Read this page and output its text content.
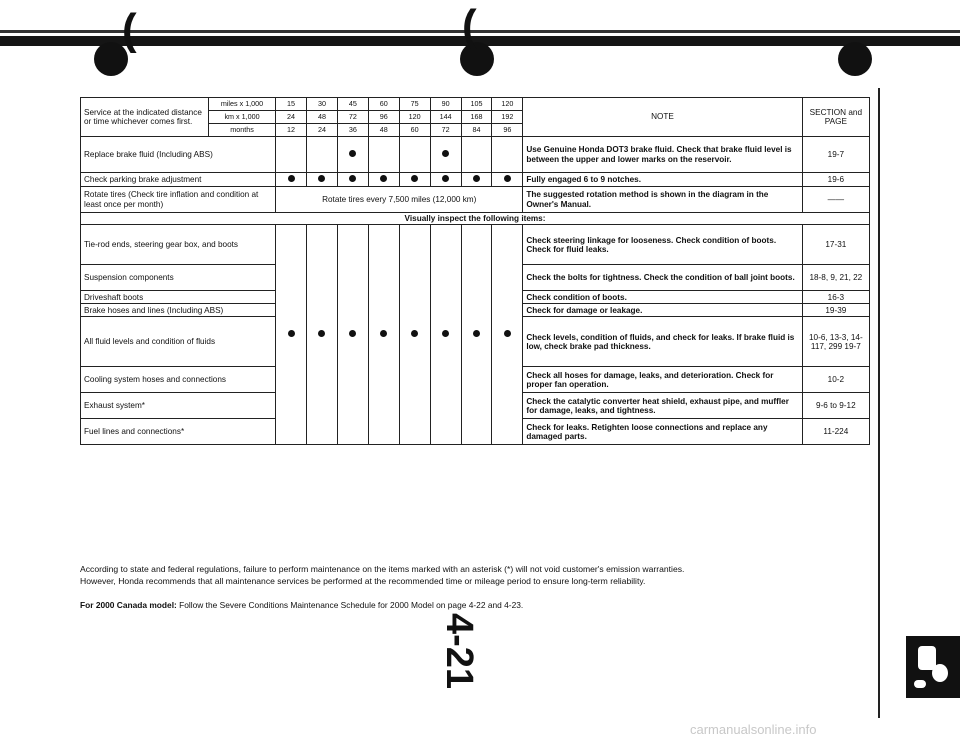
(	(
Service at the indicated distance or time whichever comes first.	miles x 1,000	15	30	45	60	75	90	105	120	NOTE	SECTION and PAGE
	km x 1,000	24	48	72	96	120	144	168	192		
	months	12	24	36	48	60	72	84	96		
Replace brake fluid (Including ABS)										Use Genuine Honda DOT3 brake fluid. Check that brake fluid level is between the upper and lower marks on the reservoir.	19-7
Check parking brake adjustment										Fully engaged 6 to 9 notches.	19-6
Rotate tires (Check tire inflation and condition at least once per month)		Rotate tires every 7,500 miles (12,000 km)								The suggested rotation method is shown in the diagram in the Owner's Manual.	——
Visually inspect the following items:											
Tie-rod ends, steering gear box, and boots										Check steering linkage for looseness. Check condition of boots. Check for fluid leaks.	17-31
Suspension components										Check the bolts for tightness. Check the condition of ball joint boots.	18-8, 9, 21, 22
Driveshaft boots										Check condition of boots.	16-3
Brake hoses and lines (Including ABS)										Check for damage or leakage.	19-39
All fluid levels and condition of fluids										Check levels, condition of fluids, and check for leaks. If brake fluid is low, check brake pad thickness.	10-6, 13-3, 14-117, 299 19-7
Cooling system hoses and connections										Check all hoses for damage, leaks, and deterioration. Check for proper fan operation.	10-2
Exhaust system*										Check the catalytic converter heat shield, exhaust pipe, and muffler for damage, leaks, and tightness.	9-6 to 9-12
Fuel lines and connections*										Check for leaks. Retighten loose connections and replace any damaged parts.	11-224
According to state and federal regulations, failure to perform maintenance on the items marked with an asterisk (*) will not void customer's emission warranties.
However, Honda recommends that all maintenance services be performed at the recommended time or mileage period to ensure long-term reliability.
For 2000 Canada model: Follow the Severe Conditions Maintenance Schedule for 2000 Model on page 4-22 and 4-23.
4-21
carmanualsonline.info
